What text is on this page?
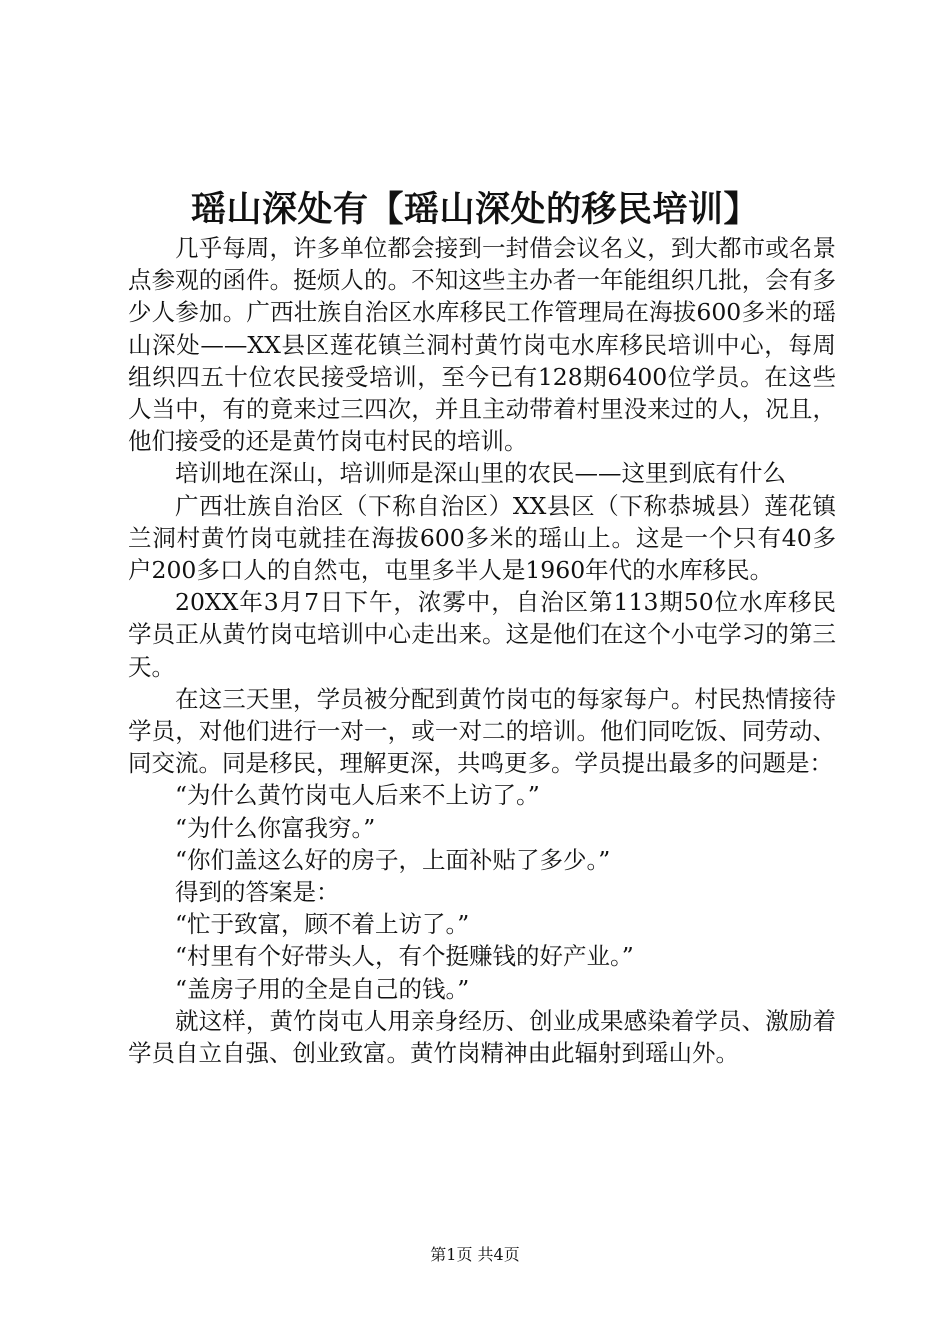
瑶山深处有【瑶山深处的移民培训】

几乎每周，许多单位都会接到一封借会议名义，到大都市或名景点参观的函件。挺烦人的。不知这些主办者一年能组织几批，会有多少人参加。广西壮族自治区水库移民工作管理局在海拔600多米的瑶山深处——XX县区莲花镇兰洞村黄竹岗屯水库移民培训中心，每周组织四五十位农民接受培训，至今已有128期6400位学员。在这些人当中，有的竟来过三四次，并且主动带着村里没来过的人，况且，他们接受的还是黄竹岗屯村民的培训。

培训地在深山，培训师是深山里的农民——这里到底有什么

广西壮族自治区（下称自治区）XX县区（下称恭城县）莲花镇兰洞村黄竹岗屯就挂在海拔600多米的瑶山上。这是一个只有40多户200多口人的自然屯，屯里多半人是1960年代的水库移民。

20XX年3月7日下午，浓雾中，自治区第113期50位水库移民学员正从黄竹岗屯培训中心走出来。这是他们在这个小屯学习的第三天。

在这三天里，学员被分配到黄竹岗屯的每家每户。村民热情接待学员，对他们进行一对一，或一对二的培训。他们同吃饭、同劳动、同交流。同是移民，理解更深，共鸣更多。学员提出最多的问题是：

“为什么黄竹岗屯人后来不上访了。”

“为什么你富我穷。”

“你们盖这么好的房子，上面补贴了多少。”

得到的答案是：

“忙于致富，顾不着上访了。”

“村里有个好带头人，有个挺赚钱的好产业。”

“盖房子用的全是自己的钱。”

就这样，黄竹岗屯人用亲身经历、创业成果感染着学员、激励着学员自立自强、创业致富。黄竹岗精神由此辐射到瑶山外。

第1页 共4页
